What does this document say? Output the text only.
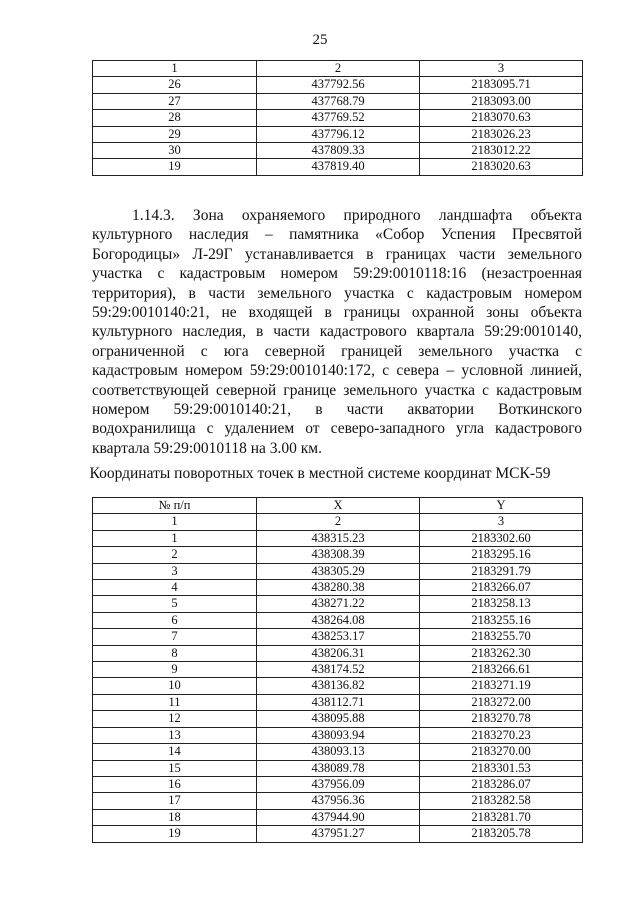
25
1	2	3
26	437792.56	2183095.71
27	437768.79	2183093.00
28	437769.52	2183070.63
29	437796.12	2183026.23
30	437809.33	2183012.22
19	437819.40	2183020.63
1.14.3. Зона охраняемого природного ландшафта объекта культурного наследия – памятника «Собор Успения Пресвятой Богородицы» Л-29Г устанавливается в границах части земельного участка с кадастровым номером 59:29:0010118:16 (незастроенная территория), в части земельного участка с кадастровым номером 59:29:0010140:21, не входящей в границы охранной зоны объекта культурного наследия, в части кадастрового квартала 59:29:0010140, ограниченной с юга северной границей земельного участка с кадастровым номером 59:29:0010140:172, с севера – условной линией, соответствующей северной границе земельного участка с кадастровым номером 59:29:0010140:21, в части акватории Воткинского водохранилища с удалением от северо-западного угла кадастрового квартала 59:29:0010118 на 3.00 км.
Координаты поворотных точек в местной системе координат МСК-59
№ п/п	X	Y
1	2	3
1	438315.23	2183302.60
2	438308.39	2183295.16
3	438305.29	2183291.79
4	438280.38	2183266.07
5	438271.22	2183258.13
6	438264.08	2183255.16
7	438253.17	2183255.70
8	438206.31	2183262.30
9	438174.52	2183266.61
10	438136.82	2183271.19
11	438112.71	2183272.00
12	438095.88	2183270.78
13	438093.94	2183270.23
14	438093.13	2183270.00
15	438089.78	2183301.53
16	437956.09	2183286.07
17	437956.36	2183282.58
18	437944.90	2183281.70
19	437951.27	2183205.78
